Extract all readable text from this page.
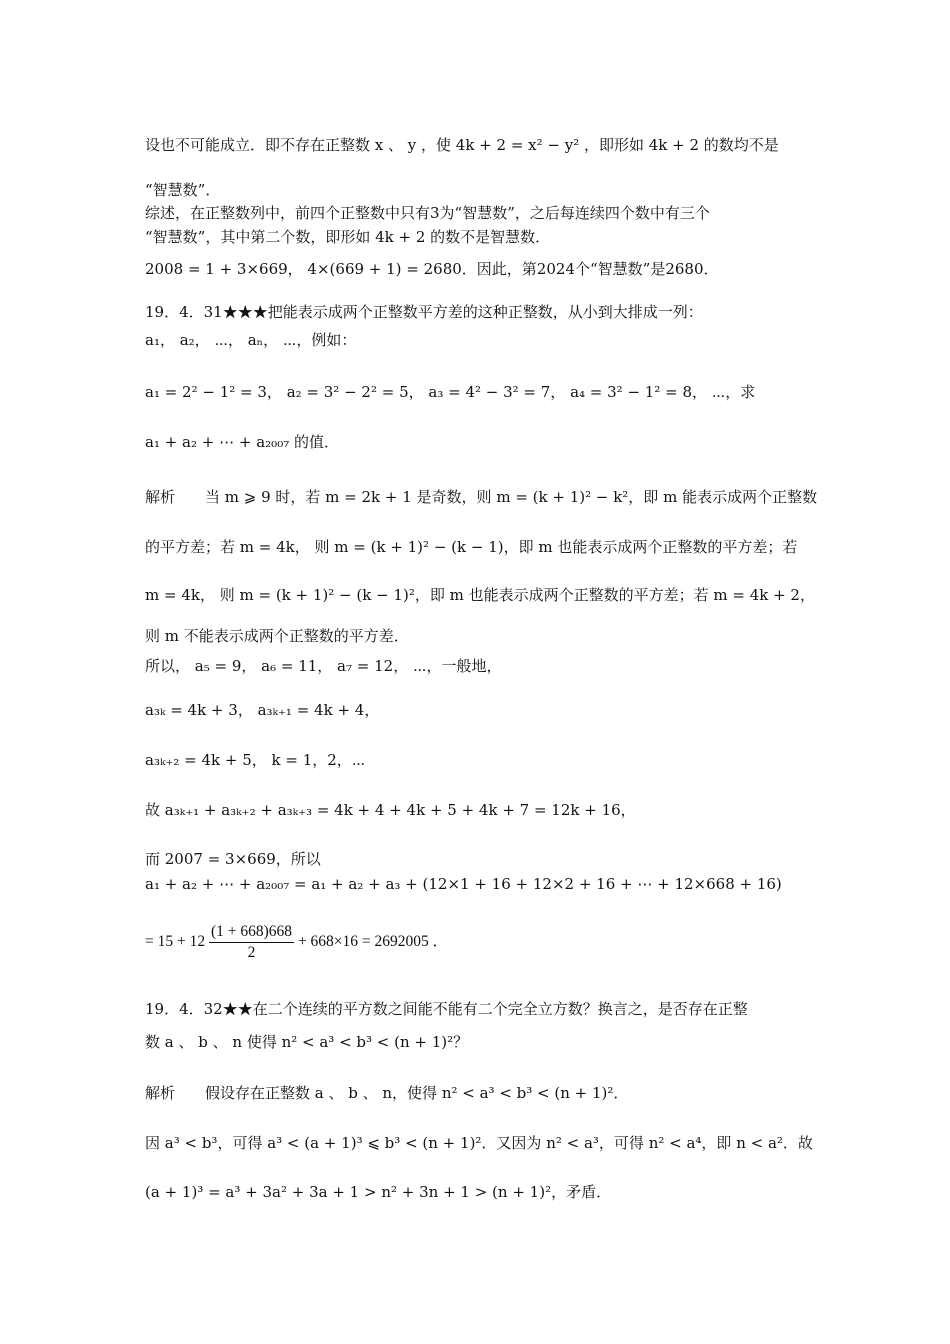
设也不可能成立．即不存在正整数 x 、 y ，使 4k + 2 = x² − y² ，即形如 4k + 2 的数均不是
“智慧数”．
综述，在正整数列中，前四个正整数中只有3为“智慧数”，之后每连续四个数中有三个
“智慧数”，其中第二个数，即形如 4k + 2 的数不是智慧数．
2008 = 1 + 3×669， 4×(669 + 1) = 2680．因此，第2024个“智慧数”是2680．
19．4．31★★★把能表示成两个正整数平方差的这种正整数，从小到大排成一列：
a₁， a₂， ⋯， aₙ， ⋯，例如：
a₁ = 2² − 1² = 3， a₂ = 3² − 2² = 5， a₃ = 4² − 3² = 7， a₄ = 3² − 1² = 8， ⋯，求
a₁ + a₂ + ⋯ + a₂₀₀₇ 的值．
解析　　当 m ⩾ 9 时，若 m = 2k + 1 是奇数，则 m = (k + 1)² − k²，即 m 能表示成两个正整数
的平方差；若 m = 4k， 则 m = (k + 1)² − (k − 1)，即 m 也能表示成两个正整数的平方差；若
m = 4k， 则 m = (k + 1)² − (k − 1)²，即 m 也能表示成两个正整数的平方差；若 m = 4k + 2，
则 m 不能表示成两个正整数的平方差．
所以， a₅ = 9， a₆ = 11， a₇ = 12， ⋯，一般地，
a₃ₖ = 4k + 3， a₃ₖ₊₁ = 4k + 4，
a₃ₖ₊₂ = 4k + 5， k = 1，2，⋯
故 a₃ₖ₊₁ + a₃ₖ₊₂ + a₃ₖ₊₃ = 4k + 4 + 4k + 5 + 4k + 7 = 12k + 16，
而 2007 = 3×669，所以
a₁ + a₂ + ⋯ + a₂₀₀₇ = a₁ + a₂ + a₃ + (12×1 + 16 + 12×2 + 16 + ⋯ + 12×668 + 16)
= $15 + 12 \frac{(1 + 668)668}{2} + 668\times 16 = 2692005$ ．
19．4．32★★在二个连续的平方数之间能不能有二个完全立方数？换言之，是否存在正整
数 a 、 b 、 n 使得 n² < a³ < b³ < (n + 1)²？
解析　　假设存在正整数 a 、 b 、 n，使得 n² < a³ < b³ < (n + 1)²．
因 a³ < b³，可得 a³ < (a + 1)³ ⩽ b³ < (n + 1)²．又因为 n² < a³，可得 n² < a⁴，即 n < a²．故
(a + 1)³ = a³ + 3a² + 3a + 1 > n² + 3n + 1 > (n + 1)²，矛盾．
